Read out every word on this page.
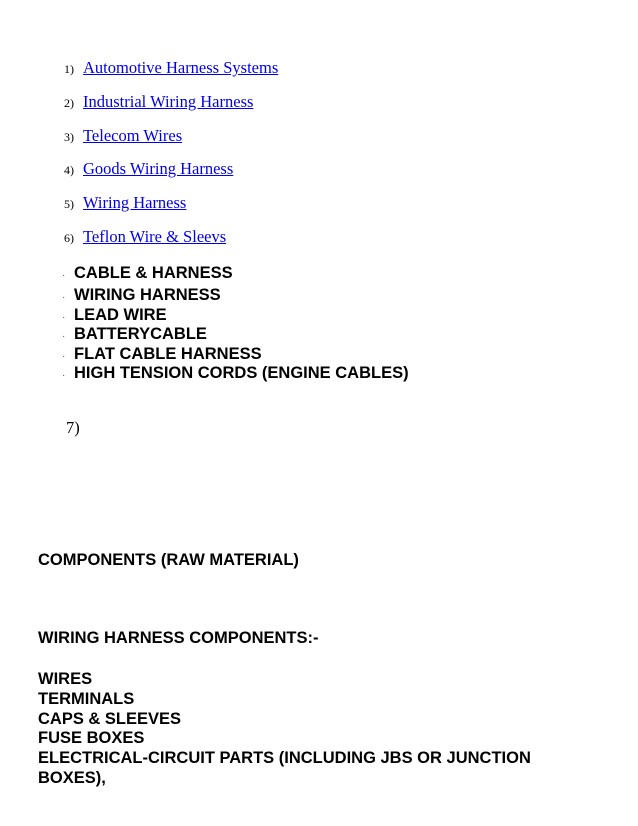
1) Automotive Harness Systems
2) Industrial Wiring Harness
3) Telecom Wires
4) Goods Wiring Harness
5) Wiring Harness
6) Teflon Wire & Sleevs
· CABLE & HARNESS
· WIRING HARNESS
· LEAD WIRE
· BATTERYCABLE
· FLAT CABLE HARNESS
· HIGH TENSION CORDS (ENGINE CABLES)
7)
COMPONENTS (RAW MATERIAL)
WIRING HARNESS COMPONENTS:-
WIRES
TERMINALS
CAPS & SLEEVES
FUSE BOXES
ELECTRICAL-CIRCUIT PARTS (INCLUDING JBS OR JUNCTION BOXES),
